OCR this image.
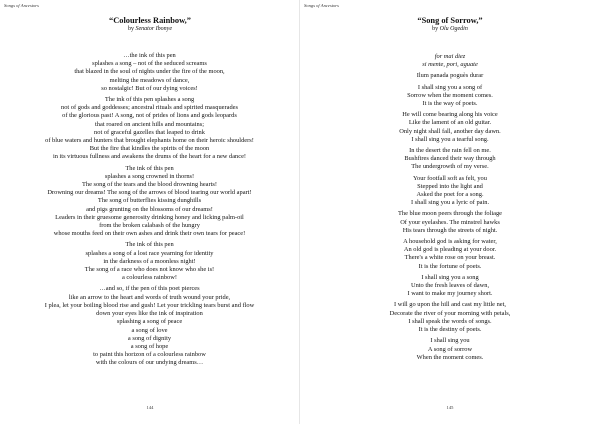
Songs of Ancestors
“Colourless Rainbow,”
by Senator Ibonye
…the ink of this pen
splashes a song – not of the seduced screams
that blazed in the soul of nights under the fire of the moon,
melting the meadows of dance,
so nostalgic! But of our dying voices!
The ink of this pen splashes a song
not of gods and goddesses; ancestral rituals and spirited masquerades
of the glorious past! A song, not of prides of lions and gods leopards
that roared on ancient hills and mountains;
not of graceful gazelles that leaped to drink
of blue waters and hunters that brought elephants home on their heroic shoulders!
But the fire that kindles the spirits of the moon
in its virtuous fullness and awakens the drums of the heart for a new dance!
The ink of this pen
splashes a song crowned in thorns!
The song of the tears and the blood drowning hearts!
Drowning our dreams! The song of the arrows of blood tearing our world apart!
The song of butterflies kissing dunghills
and pigs grunting on the blossoms of our dreams!
Leaders in their gruesome generosity drinking honey and licking palm-oil
from the broken calabash of the hungry
whose mouths feed on their own ashes and drink their own tears for peace!
The ink of this pen
splashes a song of a lost race yearning for identity
in the darkness of a moonless night!
The song of a race who does not know who she is!
a colourless rainbow!
…and so, if the pen of this poet pierces
like an arrow to the heart and words of truth wound your pride,
I plea, let your boiling blood rise and gush! Let your trickling tears burst and flow
down your eyes like the ink of inspiration
splashing a song of peace
a song of love
a song of dignity
a song of hope
to paint this horizon of a colourless rainbow
with the colours of our undying dreams…
144
Songs of Ancestors
“Song of Sorrow,”
by Olu Ogedin
for mai diez
si mente, pori, aguate
Ilum panada poguès durar
I shall sing you a song of
Sorrow when the moment comes.
It is the way of poets.
He will come bearing along his voice
Like the lament of an old guitar.
Only night shall fall, another day dawn.
I shall sing you a tearful song.
In the desert the rain fell on me.
Bushfires danced their way through
The undergrowth of my verse.
Your footfall soft as felt, you
Stepped into the light and
Asked the poet for a song.
I shall sing you a lyric of pain.
The blue moon peers through the foliage
Of your eyelashes. The minstrel hawks
His tears through the streets of night.
A household god is asking for water,
An old god is pleading at your door.
There's a white rose on your breast.
It is the fortune of poets.
I shall sing you a song
Unto the fresh leaves of dawn,
I want to make my journey short.
I will go upon the hill and cast my little net,
Decorate the river of your morning with petals,
I shall speak the words of songs.
It is the destiny of poets.
I shall sing you
A song of sorrow
When the moment comes.
145
